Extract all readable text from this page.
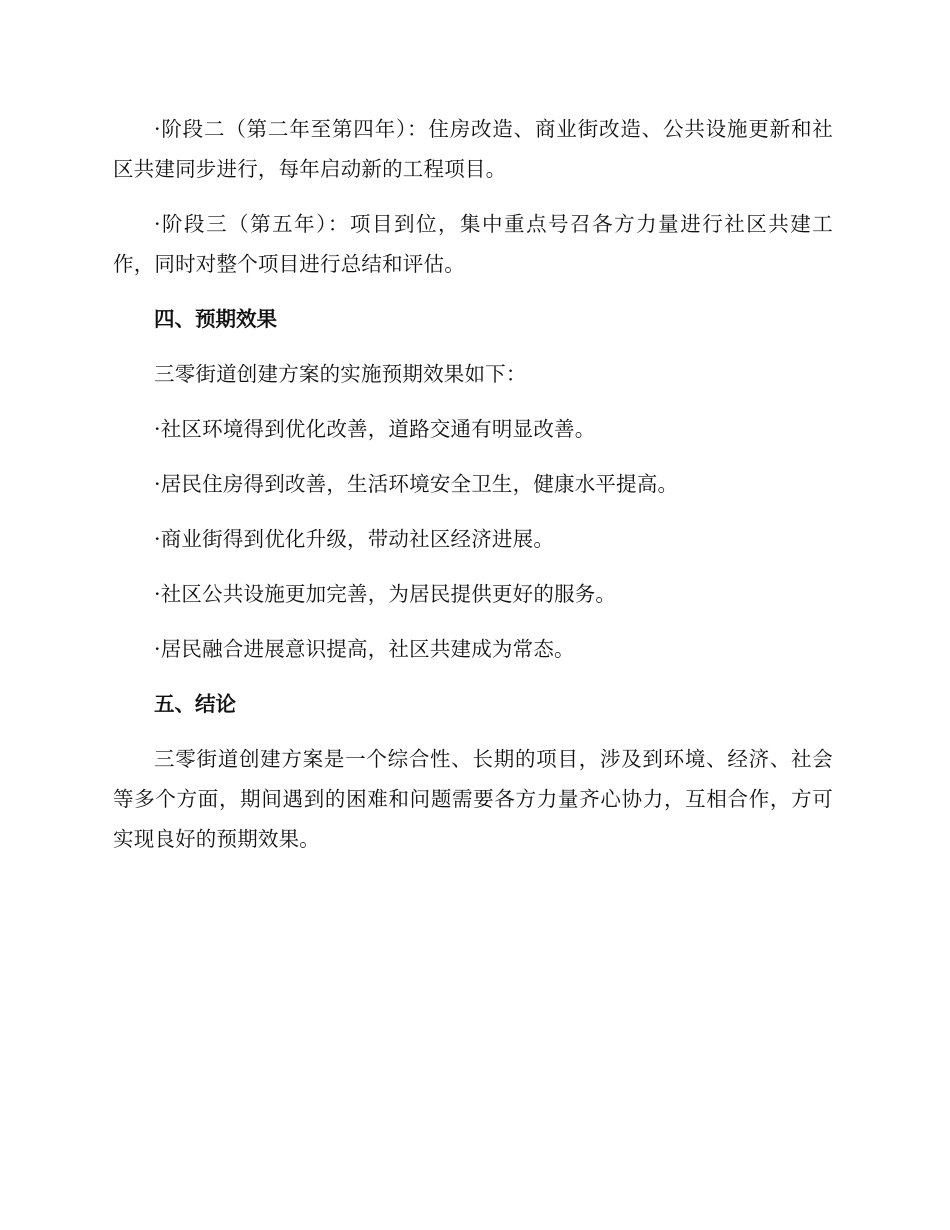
·阶段二（第二年至第四年）：住房改造、商业街改造、公共设施更新和社区共建同步进行，每年启动新的工程项目。

·阶段三（第五年）：项目到位，集中重点号召各方力量进行社区共建工作，同时对整个项目进行总结和评估。

四、预期效果

三零街道创建方案的实施预期效果如下：

·社区环境得到优化改善，道路交通有明显改善。

·居民住房得到改善，生活环境安全卫生，健康水平提高。

·商业街得到优化升级，带动社区经济进展。

·社区公共设施更加完善，为居民提供更好的服务。

·居民融合进展意识提高，社区共建成为常态。

五、结论

三零街道创建方案是一个综合性、长期的项目，涉及到环境、经济、社会等多个方面，期间遇到的困难和问题需要各方力量齐心协力，互相合作，方可实现良好的预期效果。
